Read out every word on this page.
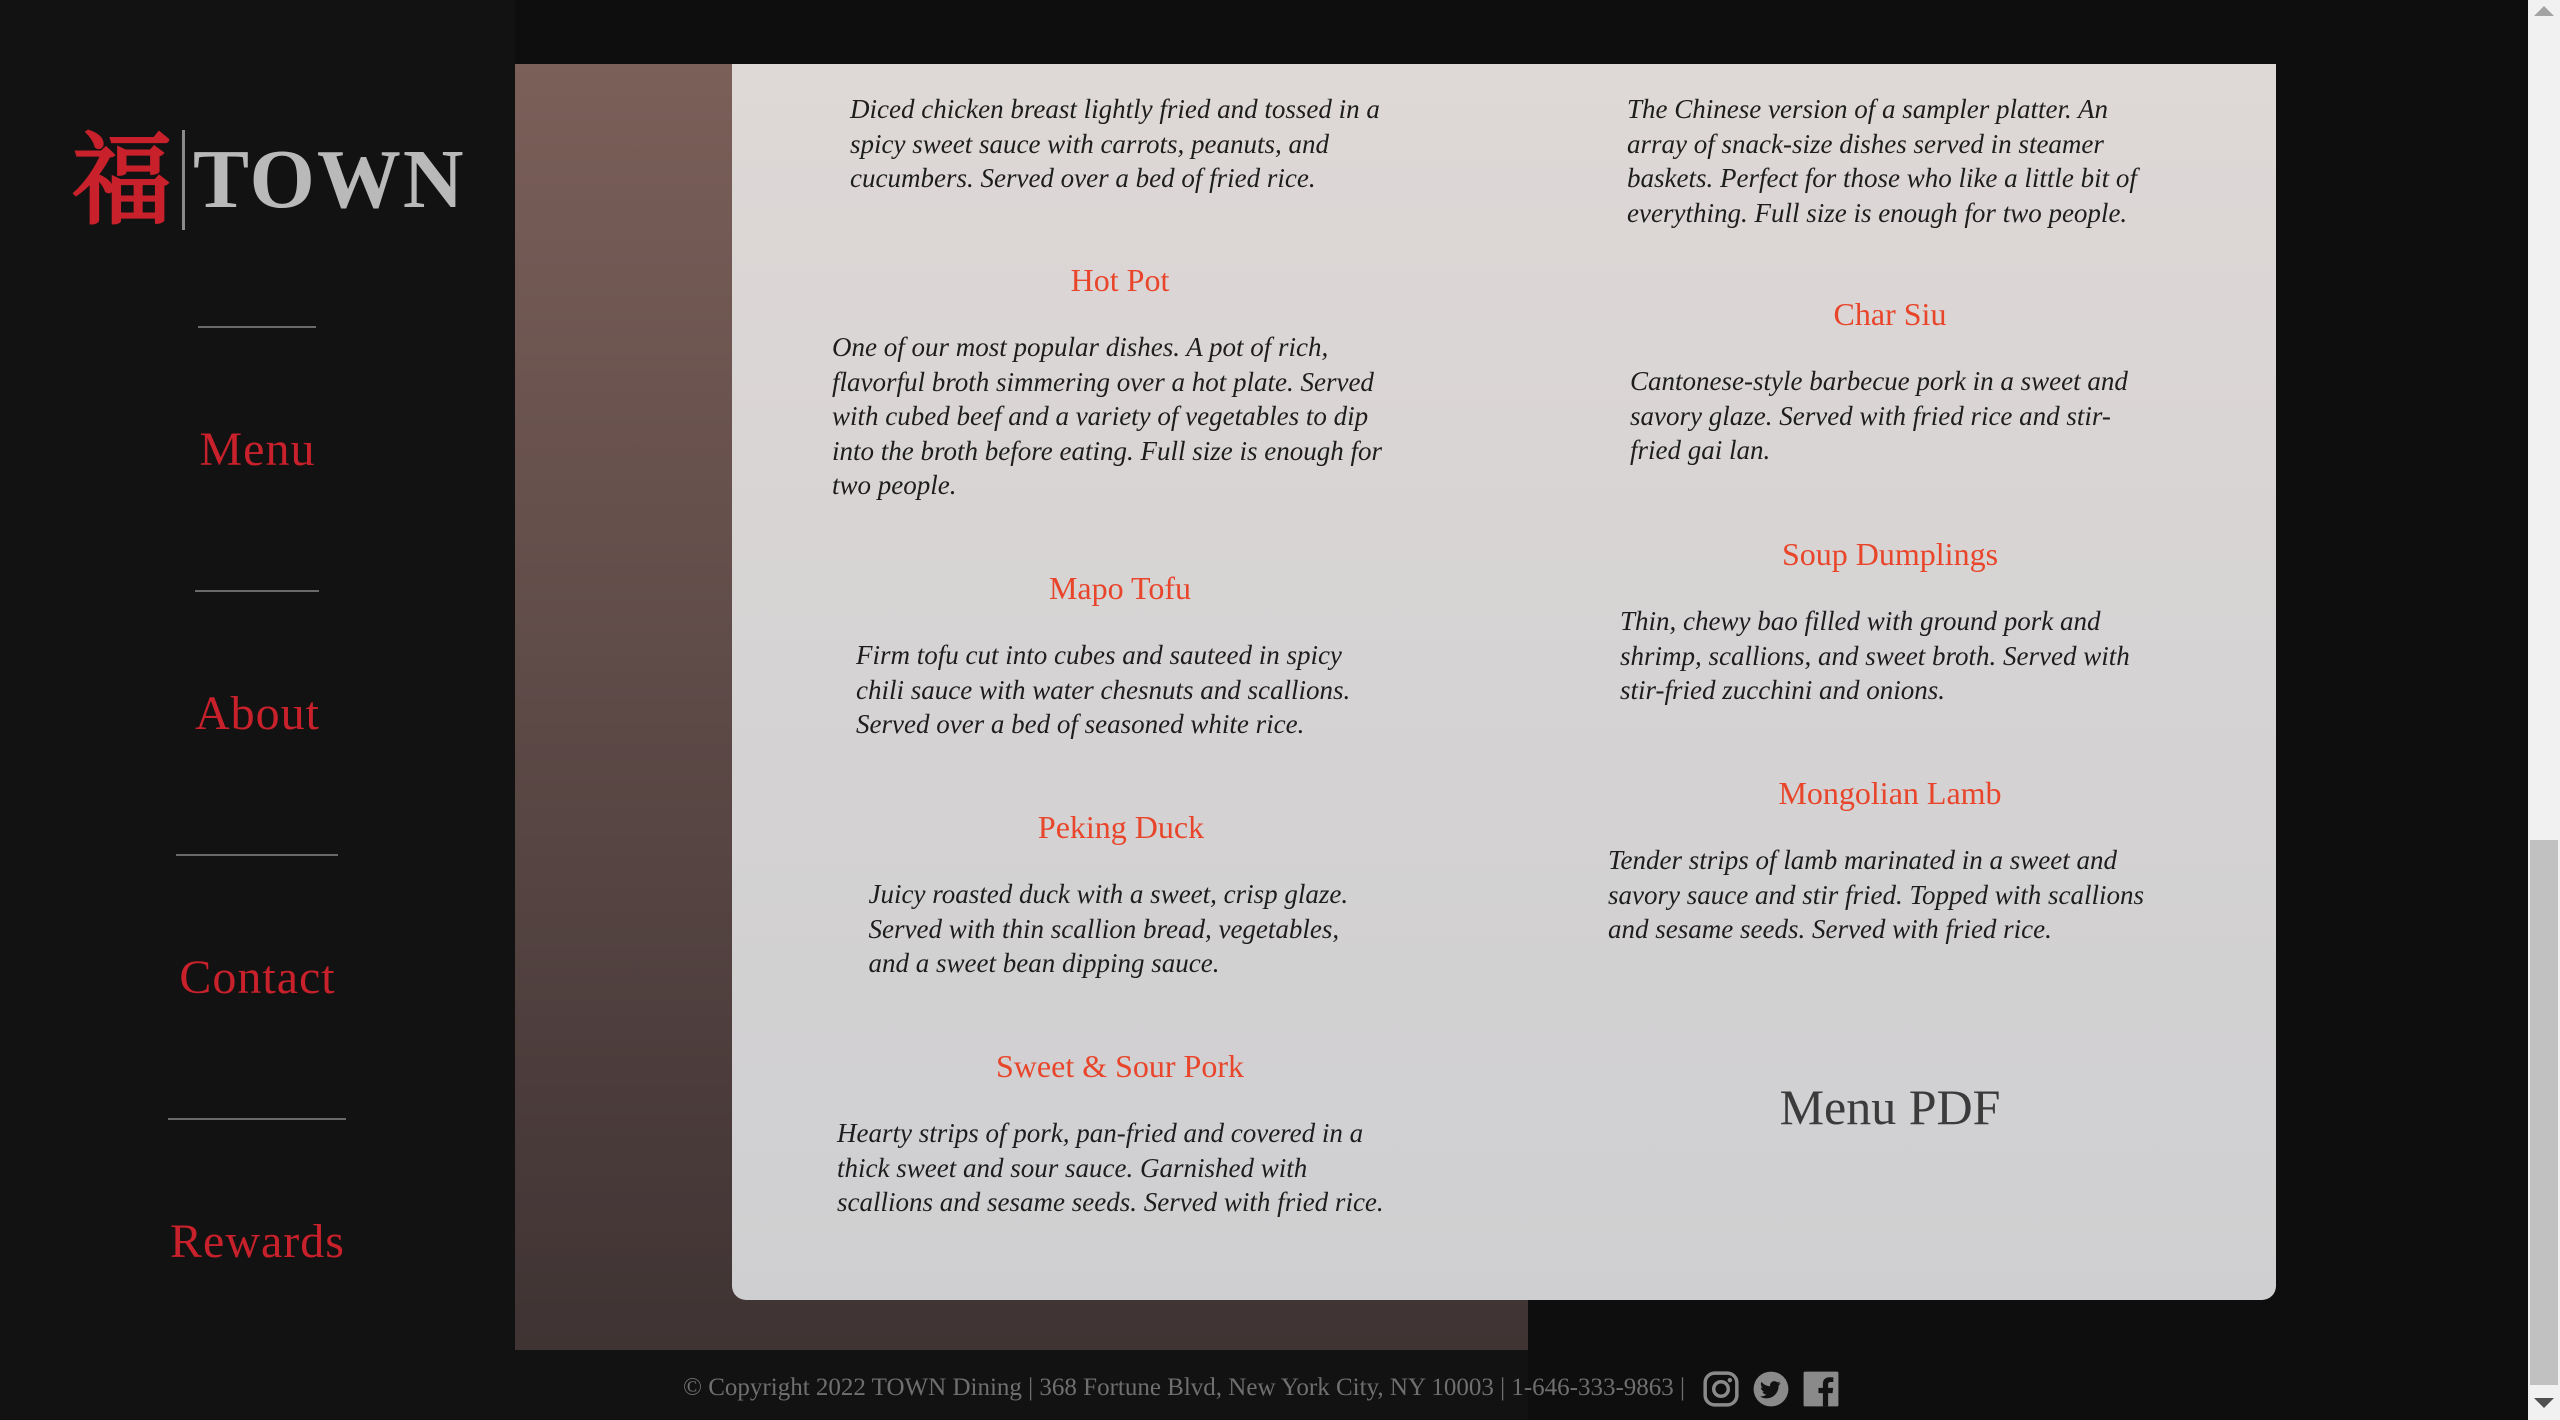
福 TOWN
Menu
About
Contact
Rewards
Diced chicken breast lightly fried and tossed in a spicy sweet sauce with carrots, peanuts, and cucumbers. Served over a bed of fried rice.
Hot Pot
One of our most popular dishes. A pot of rich, flavorful broth simmering over a hot plate. Served with cubed beef and a variety of vegetables to dip into the broth before eating. Full size is enough for two people.
Mapo Tofu
Firm tofu cut into cubes and sauteed in spicy chili sauce with water chesnuts and scallions. Served over a bed of seasoned white rice.
Peking Duck
Juicy roasted duck with a sweet, crisp glaze. Served with thin scallion bread, vegetables, and a sweet bean dipping sauce.
Sweet & Sour Pork
Hearty strips of pork, pan-fried and covered in a thick sweet and sour sauce. Garnished with scallions and sesame seeds. Served with fried rice.
The Chinese version of a sampler platter. An array of snack-size dishes served in steamer baskets. Perfect for those who like a little bit of everything. Full size is enough for two people.
Char Siu
Cantonese-style barbecue pork in a sweet and savory glaze. Served with fried rice and stir-fried gai lan.
Soup Dumplings
Thin, chewy bao filled with ground pork and shrimp, scallions, and sweet broth. Served with stir-fried zucchini and onions.
Mongolian Lamb
Tender strips of lamb marinated in a sweet and savory sauce and stir fried. Topped with scallions and sesame seeds. Served with fried rice.
Menu PDF
© Copyright 2022 TOWN Dining | 368 Fortune Blvd, New York City, NY 10003 | 1-646-333-9863 |
